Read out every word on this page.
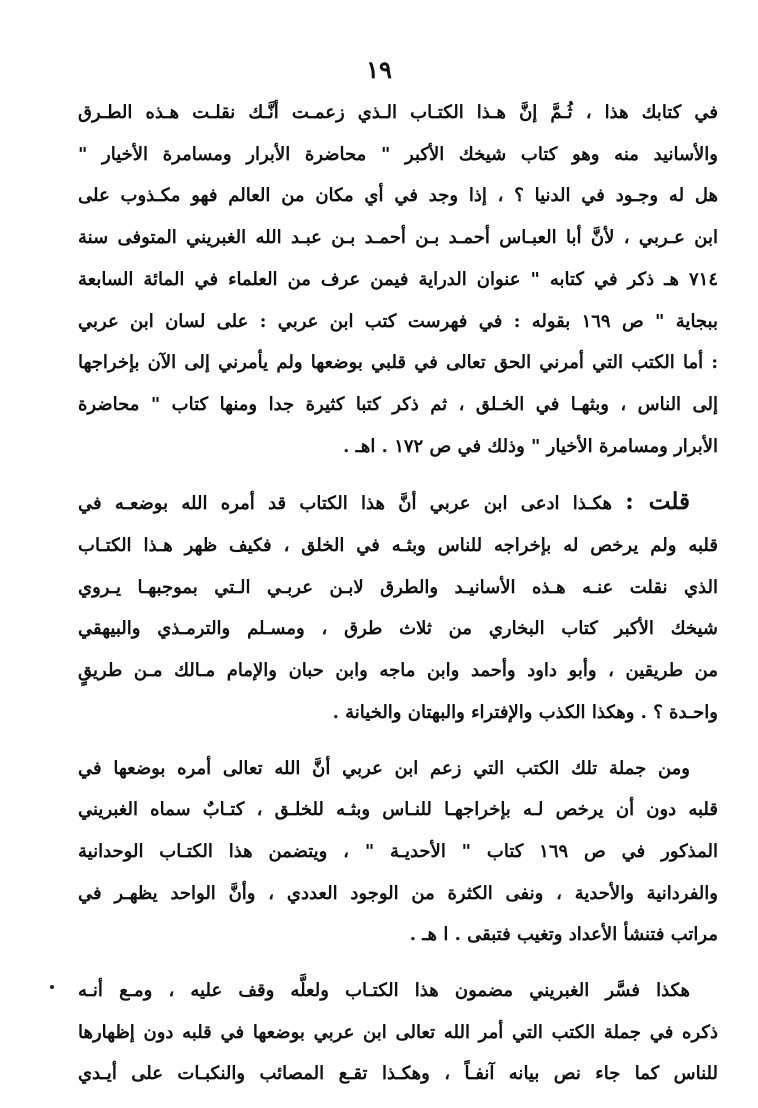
١٩
في كتابك هذا ، ثُـمَّ إنَّ هـذا الكتـاب الـذي زعمـت أنَّـك نقلـت هـذه الطـرق
والأسانيد منه وهو كتاب شيخك الأكبر " محاضرة الأبرار ومسامرة الأخيار "
هل له وجـود في الدنيا ؟ ، إذا وجد في أي مكان من العالم فهو مكـذوب على
ابن عـربي ، لأنَّ أبا العبـاس أحمـد بـن أحمـد بـن عبـد الله الغبريني المتوفى سنة
٧١٤ هـ ذكر في كتابه " عنوان الدراية فيمن عرف من العلماء في المائة السابعة
ببجاية " ص ١٦٩ بقوله : في فهرست كتب ابن عربي : على لسان ابن عربي
: أما الكتب التي أمرني الحق تعالى في قلبي بوضعها ولم يأمرني إلى الآن بإخراجها
إلى الناس ، وبثهـا في الخـلق ، ثم ذكر كتبا كثيرة جدا ومنها كتاب " محاضرة
الأبرار ومسامرة الأخيار " وذلك في ص ١٧٢ . اهـ .
قلت : هكـذا ادعى ابن عربي أنَّ هذا الكتاب قد أمره الله بوضعـه في
قلبه ولم يرخص له بإخراجه للناس وبثـه في الخلق ، فكيف ظهر هـذا الكتـاب
الذي نقلت عنـه هـذه الأسانيـد والطرق لابـن عربـي الـتي بموجبهـا يـروي
شيخك الأكبر كتاب البخاري من ثلاث طرق ، ومسـلم والترمـذي والبيهقي
من طريقين ، وأبو داود وأحمد وابن ماجه وابن حبان والإمام مـالك مـن طريقٍ
واحـدة ؟ . وهكذا الكذب والإفتراء والبهتان والخيانة .
ومن جملة تلك الكتب التي زعم ابن عربي أنَّ الله تعالى أمره بوضعها في
قلبه دون أن يرخص لـه بإخراجهـا للنـاس وبثـه للخلـق ، كتـابٌ سماه الغبريني
المذكور في ص ١٦٩ كتاب " الأحديـة " ، ويتضمن هذا الكتـاب الوحدانية
والفردانية والأحدية ، ونفى الكثرة من الوجود العددي ، وأنَّ الواحد يظهـر في
مراتب فتنشأ الأعداد وتغيب فتبقى . ا هـ .
هكذا فسَّر الغبريني مضمون هذا الكتـاب ولعلَّه وقف عليه ، ومـع أنـه
ذكره في جملة الكتب التي أمر الله تعالى ابن عربي بوضعها في قلبه دون إظهارها
للناس كما جاء نص بيانه آنفـاً ، وهكـذا تقـع المصائب والنكبـات على أيـدي
